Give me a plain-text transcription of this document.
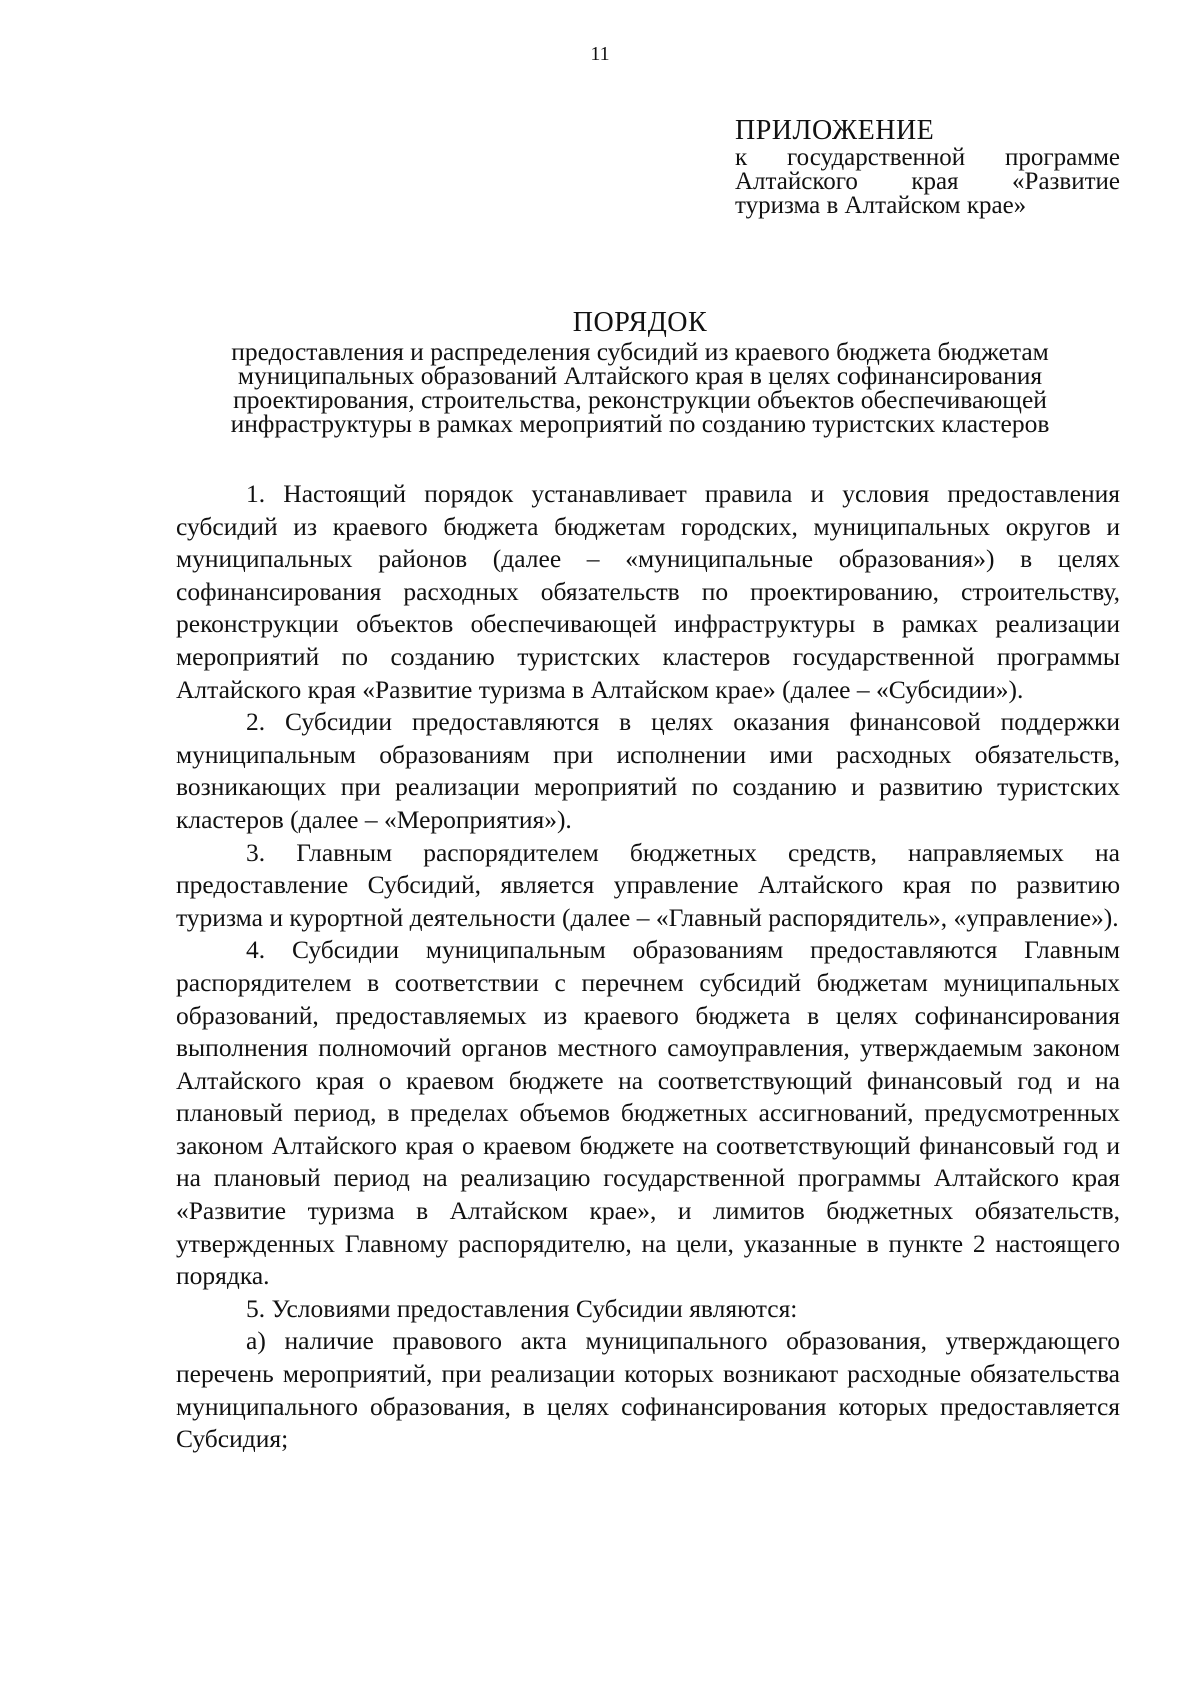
11
ПРИЛОЖЕНИЕ
к государственной программе
Алтайского края «Развитие
туризма в Алтайском крае»
ПОРЯДОК
предоставления и распределения субсидий из краевого бюджета бюджетам
муниципальных образований Алтайского края в целях софинансирования
проектирования, строительства, реконструкции объектов обеспечивающей
инфраструктуры в рамках мероприятий по созданию туристских кластеров

1. Настоящий порядок устанавливает правила и условия предоставления субсидий из краевого бюджета бюджетам городских, муниципальных округов и муниципальных районов (далее – «муниципальные образования») в целях софинансирования расходных обязательств по проектированию, строительству, реконструкции объектов обеспечивающей инфраструктуры в рамках реализации мероприятий по созданию туристских кластеров государственной программы Алтайского края «Развитие туризма в Алтайском крае» (далее – «Субсидии»).

2. Субсидии предоставляются в целях оказания финансовой поддержки муниципальным образованиям при исполнении ими расходных обязательств, возникающих при реализации мероприятий по созданию и развитию туристских кластеров (далее – «Мероприятия»).

3. Главным распорядителем бюджетных средств, направляемых на предоставление Субсидий, является управление Алтайского края по развитию туризма и курортной деятельности (далее – «Главный распорядитель», «управление»).

4. Субсидии муниципальным образованиям предоставляются Главным распорядителем в соответствии с перечнем субсидий бюджетам муниципальных образований, предоставляемых из краевого бюджета в целях софинансирования выполнения полномочий органов местного самоуправления, утверждаемым законом Алтайского края о краевом бюджете на соответствующий финансовый год и на плановый период, в пределах объемов бюджетных ассигнований, предусмотренных законом Алтайского края о краевом бюджете на соответствующий финансовый год и на плановый период на реализацию государственной программы Алтайского края «Развитие туризма в Алтайском крае», и лимитов бюджетных обязательств, утвержденных Главному распорядителю, на цели, указанные в пункте 2 настоящего порядка.

5. Условиями предоставления Субсидии являются:

а) наличие правового акта муниципального образования, утверждающего перечень мероприятий, при реализации которых возникают расходные обязательства муниципального образования, в целях софинансирования которых предоставляется Субсидия;
